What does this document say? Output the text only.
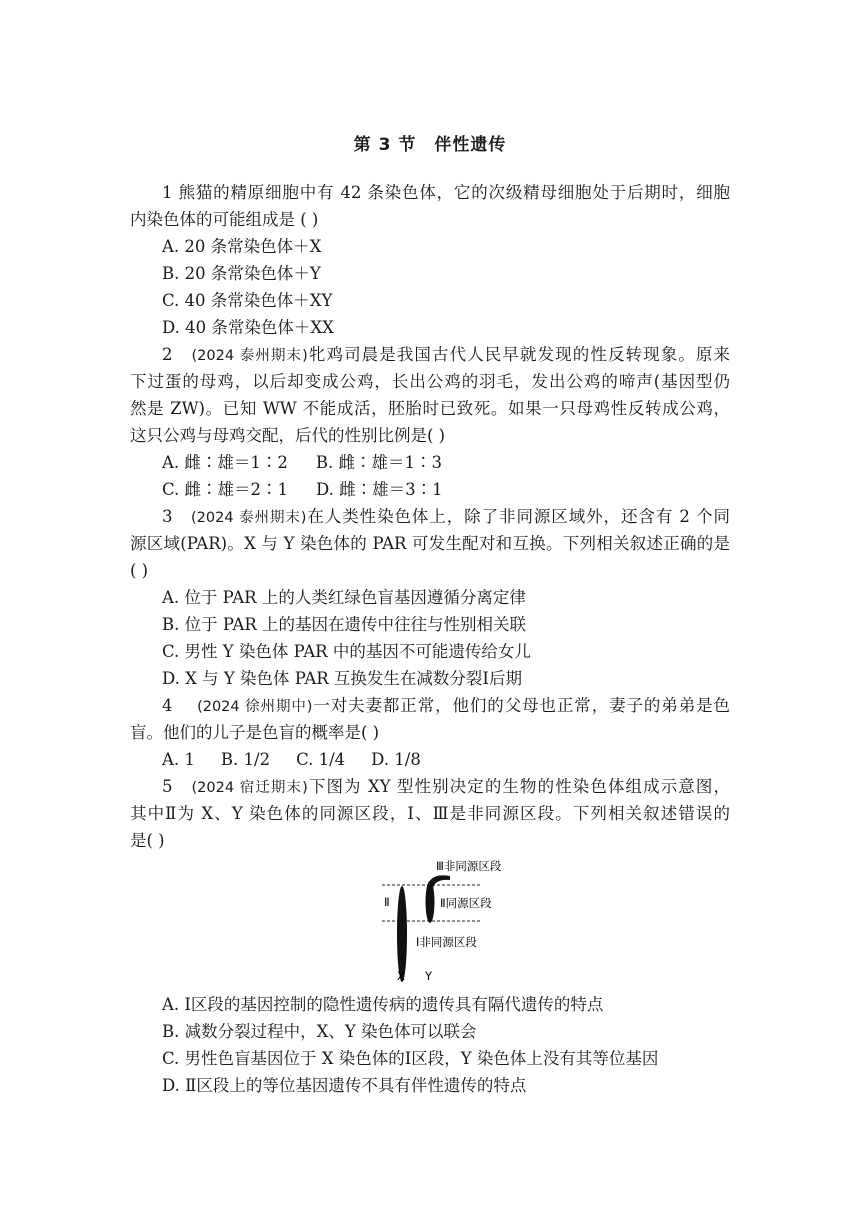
第 3 节 伴性遗传
1 熊猫的精原细胞中有 42 条染色体，它的次级精母细胞处于后期时，细胞
内染色体的可能组成是 ( )
A. 20 条常染色体＋X
B. 20 条常染色体＋Y
C. 40 条常染色体＋XY
D. 40 条常染色体＋XX
2 (2024 泰州期末)牝鸡司晨是我国古代人民早就发现的性反转现象。原来
下过蛋的母鸡，以后却变成公鸡，长出公鸡的羽毛，发出公鸡的啼声(基因型仍
然是 ZW)。已知 WW 不能成活，胚胎时已致死。如果一只母鸡性反转成公鸡，
这只公鸡与母鸡交配，后代的性别比例是( )
A. 雌∶雄＝1∶2 B. 雌∶雄＝1∶3
C. 雌∶雄＝2∶1 D. 雌∶雄＝3∶1
3 (2024 泰州期末)在人类性染色体上，除了非同源区域外，还含有 2 个同
源区域(PAR)。X 与 Y 染色体的 PAR 可发生配对和互换。下列相关叙述正确的是
( )
A. 位于 PAR 上的人类红绿色盲基因遵循分离定律
B. 位于 PAR 上的基因在遗传中往往与性别相关联
C. 男性 Y 染色体 PAR 中的基因不可能遗传给女儿
D. X 与 Y 染色体 PAR 互换发生在减数分裂Ⅰ后期
4 (2024 徐州期中)一对夫妻都正常，他们的父母也正常，妻子的弟弟是色
盲。他们的儿子是色盲的概率是( )
A. 1 B. 1/2 C. 1/4 D. 1/8
5 (2024 宿迁期末)下图为 XY 型性别决定的生物的性染色体组成示意图，
其中Ⅱ为 X、Y 染色体的同源区段，Ⅰ、Ⅲ是非同源区段。下列相关叙述错误的
是( )
Ⅲ非同源区段
Ⅱ	Ⅱ同源区段
Ⅰ非同源区段
X Y
A. Ⅰ区段的基因控制的隐性遗传病的遗传具有隔代遗传的特点
B. 减数分裂过程中，X、Y 染色体可以联会
C. 男性色盲基因位于 X 染色体的Ⅰ区段，Y 染色体上没有其等位基因
D. Ⅱ区段上的等位基因遗传不具有伴性遗传的特点
